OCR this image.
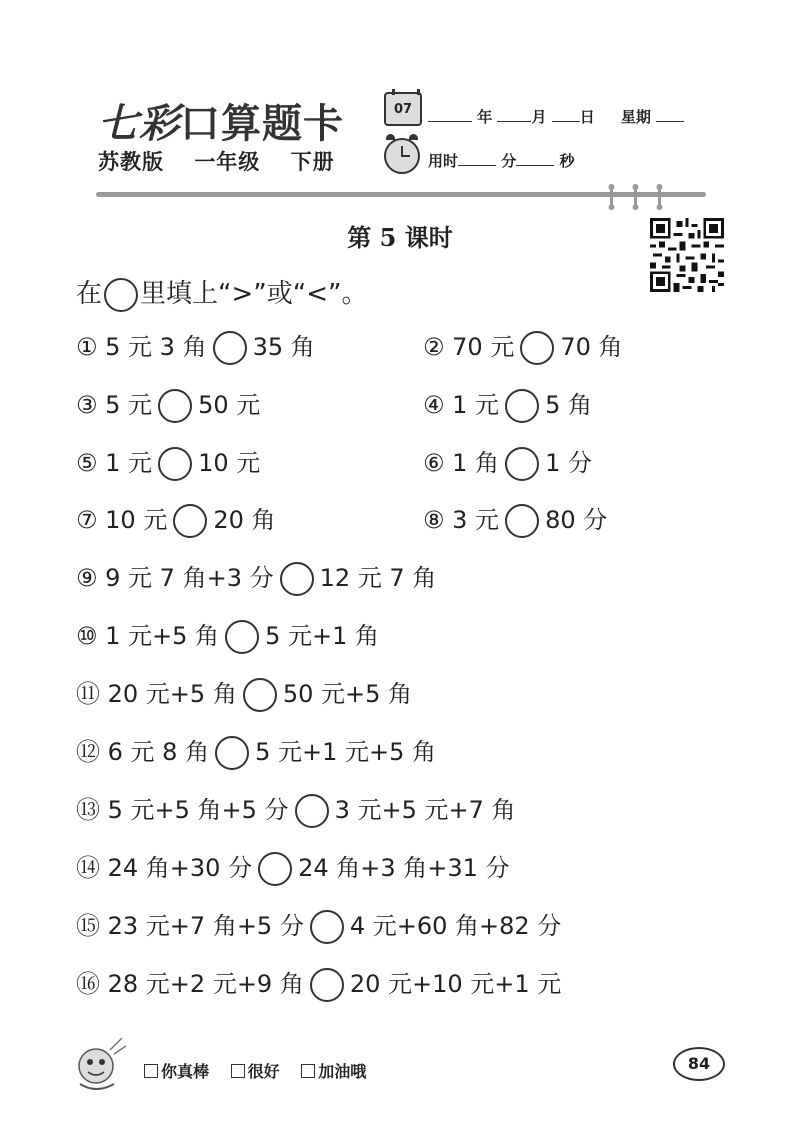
七彩口算题卡
苏教版 一年级 下册
07	年	月 日 星期
用时	分	秒
第 5 课时
在 里填上“>”或“<”。
① 5 元 3 角 35 角	② 70 元 70 角
③ 5 元 50 元	④ 1 元 5 角
⑤ 1 元 10 元	⑥ 1 角 1 分
⑦ 10 元 20 角	⑧ 3 元 80 分
⑨ 9 元 7 角+3 分 12 元 7 角
⑩ 1 元+5 角 5 元+1 角
⑪ 20 元+5 角 50 元+5 角
⑫ 6 元 8 角 5 元+1 元+5 角
⑬ 5 元+5 角+5 分 3 元+5 元+7 角
⑭ 24 角+30 分 24 角+3 角+31 分
⑮ 23 元+7 角+5 分 4 元+60 角+82 分
⑯ 28 元+2 元+9 角 20 元+10 元+1 元
你真棒 很好 加油哦	84
